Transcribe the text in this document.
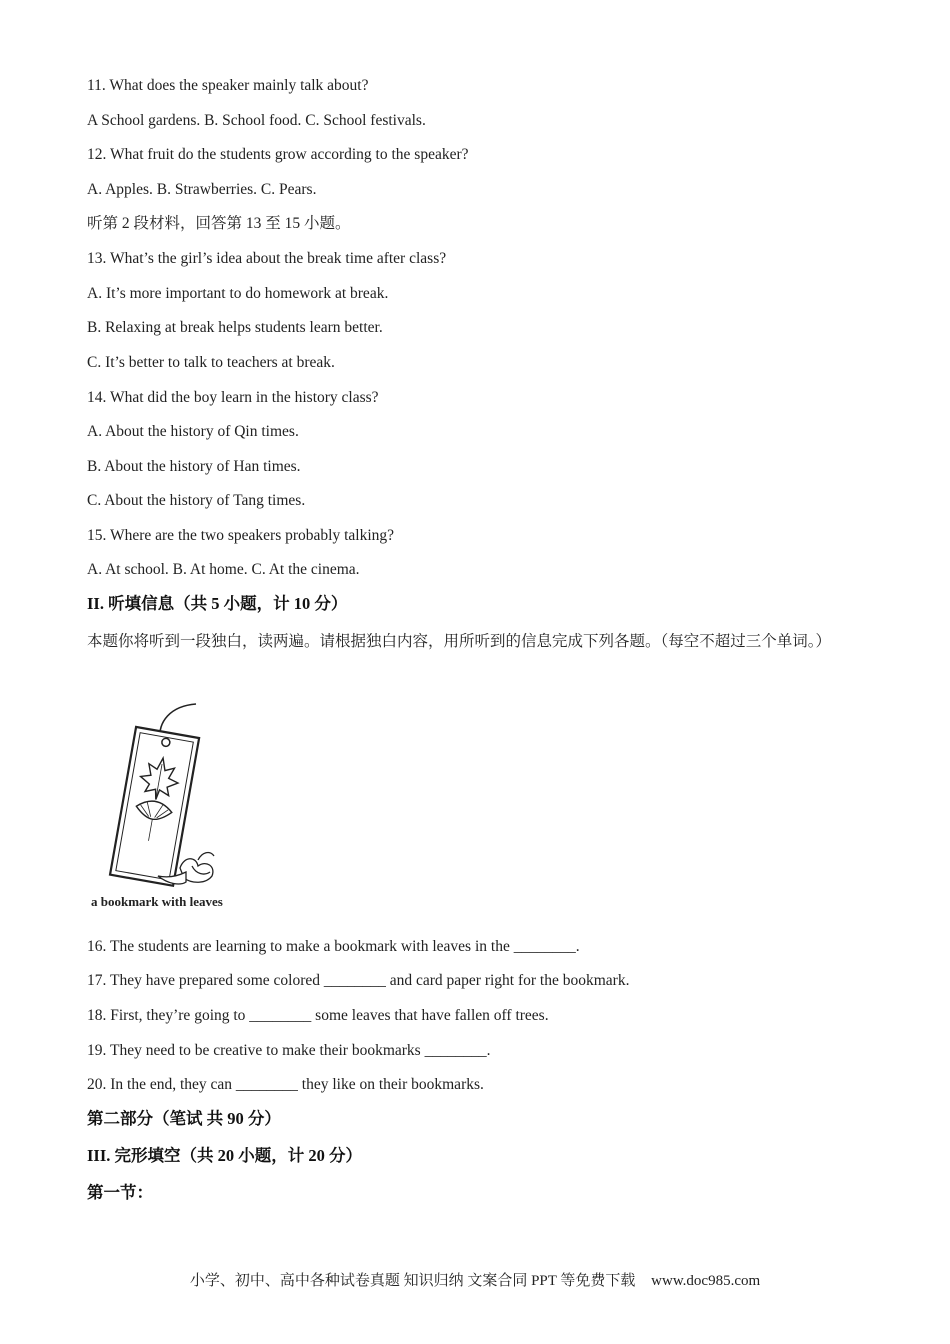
11. What does the speaker mainly talk about?
A School gardens. B. School food. C. School festivals.
12. What fruit do the students grow according to the speaker?
A. Apples. B. Strawberries. C. Pears.
听第 2 段材料，回答第 13 至 15 小题。
13. What’s the girl’s idea about the break time after class?
A. It’s more important to do homework at break.
B. Relaxing at break helps students learn better.
C. It’s better to talk to teachers at break.
14. What did the boy learn in the history class?
A. About the history of Qin times.
B. About the history of Han times.
C. About the history of Tang times.
15. Where are the two speakers probably talking?
A. At school. B. At home. C. At the cinema.
II. 听填信息（共 5 小题，计 10 分）
本题你将听到一段独白，读两遍。请根据独白内容，用所听到的信息完成下列各题。（每空不超过三个单词。）
a bookmark with leaves
16. The students are learning to make a bookmark with leaves in the ________.
17. They have prepared some colored ________ and card paper right for the bookmark.
18. First, they’re going to ________ some leaves that have fallen off trees.
19. They need to be creative to make their bookmarks ________.
20. In the end, they can ________ they like on their bookmarks.
第二部分（笔试 共 90 分）
III. 完形填空（共 20 小题，计 20 分）
第一节：
小学、初中、高中各种试卷真题 知识归纳 文案合同 PPT 等免费下载 www.doc985.com
